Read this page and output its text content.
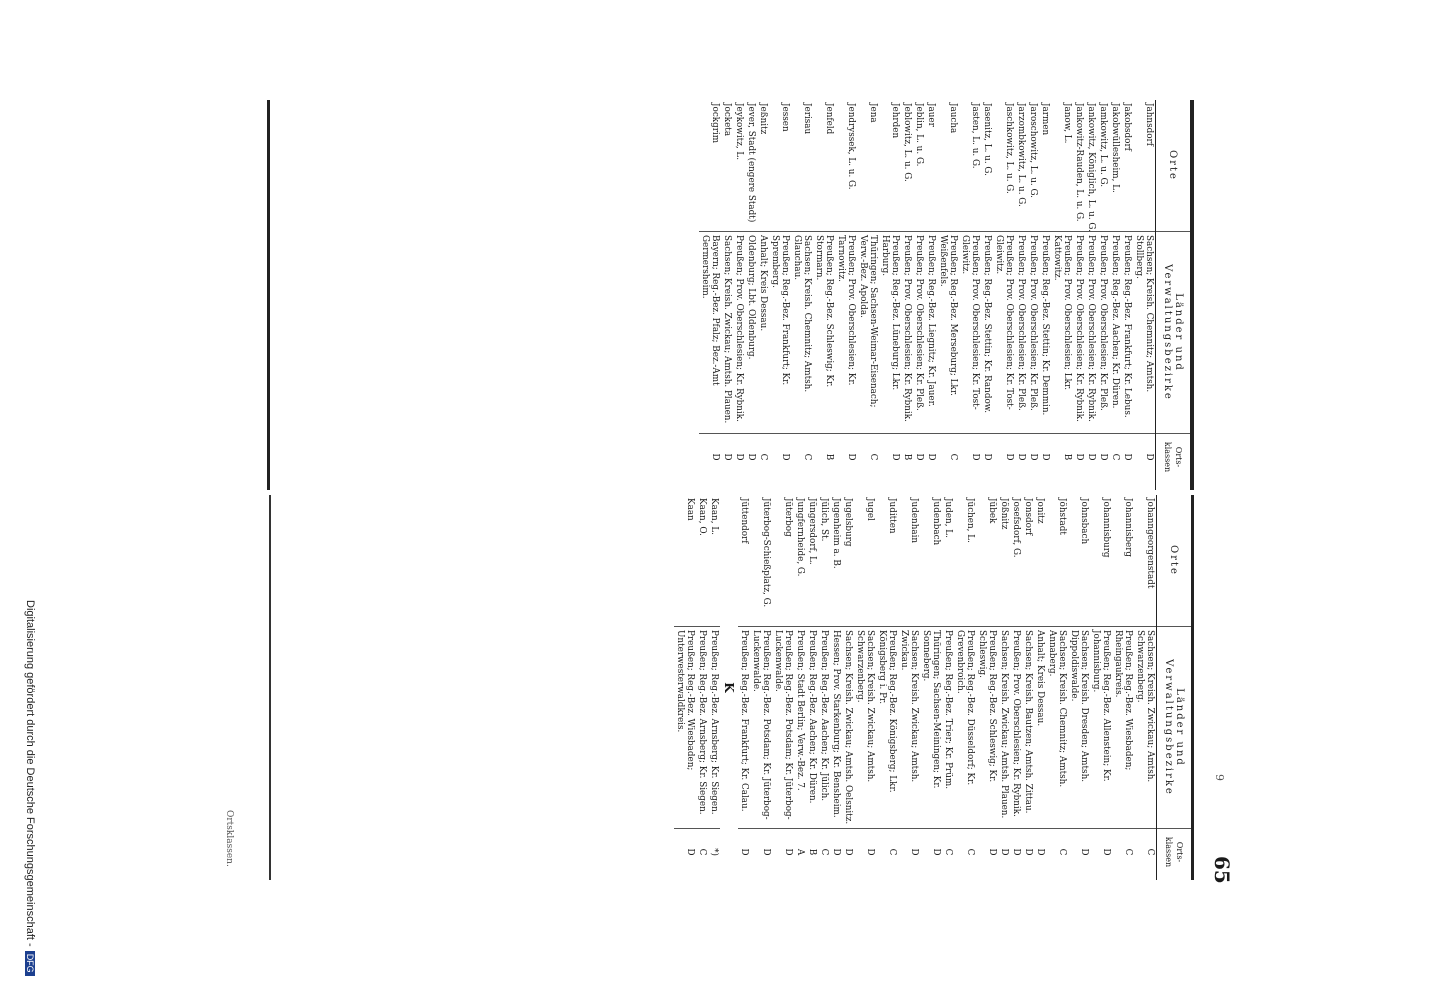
65
9
Ortsklassen.
Digitalisierung gefördert durch die Deutsche Forschungsgemeinschaft -DFG
Orte
Länder und Verwaltungsbezirke
Orts-klassen
Jahnsdorf
Sachsen; Kreish. Chemnitz; Amtsh. Stollberg.
D
Jakobsdorf
Preußen; Reg.-Bez. Frankfurt; Kr. Lebus.
D
Jakobwüllesheim, L.
Preußen; Reg.-Bez. Aachen; Kr. Düren.
C
Jamkowitz, L. u. G.
Preußen; Prov. Oberschlesien; Kr. Pleß.
D
Jankowitz, Königlich, L. u. G.
Preußen; Prov. Oberschlesien; Kr. Rybnik.
D
Jankowitz-Rauden, L. u. G.
Preußen; Prov. Oberschlesien; Kr. Rybnik.
D
Janow, L.
Preußen; Prov. Oberschlesien; Lkr. Kattowitz.
B
Jarmen
Preußen; Reg.-Bez. Stettin; Kr. Demmin.
D
Jaroschowitz, L. u. G.
Preußen; Prov. Oberschlesien; Kr. Pleß.
D
Jarzombkowitz, L. u. G.
Preußen; Prov. Oberschlesien; Kr. Pleß.
D
Jaschkowitz, L. u. G.
Preußen; Prov. Oberschlesien; Kr. Tost-Gleiwitz.
D
Jasenitz, L. u. G.
Preußen; Reg.-Bez. Stettin; Kr. Randow.
D
Jasten, L. u. G.
Preußen; Prov. Oberschlesien; Kr. Tost-Gleiwitz.
D
Jaucha
Preußen; Reg.-Bez. Merseburg; Lkr. Weißenfels.
C
Jauer
Preußen; Reg.-Bez. Liegnitz; Kr. Jauer.
D
Jeblin, L. u. G.
Preußen; Prov. Oberschlesien; Kr. Pleß.
D
Jeblowitz, L. u. G.
Preußen; Prov. Oberschlesien; Kr. Rybnik.
B
Jehrden
Preußen; Reg.-Bez. Lüneburg; Lkr. Harburg.
D
Jena
Thüringen; Sachsen-Weimar-Eisenach; Verw.-Bez. Apolda.
C
Jendryssek, L. u. G.
Preußen; Prov. Oberschlesien; Kr. Tarnowitz.
D
Jenfeld
Preußen; Reg.-Bez. Schleswig; Kr. Stormarn.
B
Jerisau
Sachsen; Kreish. Chemnitz; Amtsh. Glauchau.
C
Jessen
Preußen; Reg.-Bez. Frankfurt; Kr. Spremberg.
D
Jeßnitz
Anhalt; Kreis Dessau.
C
Jever, Stadt (engere Stadt)
Oldenburg; Lbt. Oldenburg.
D
Jeykowitz, L.
Preußen; Prov. Oberschlesien; Kr. Rybnik.
D
Jocketa
Sachsen; Kreish. Zwickau; Amtsh. Plauen.
D
Jockgrim
Bayern; Reg.-Bez. Pfalz; Bez.-Amt Germersheim.
D
Orte
Länder und Verwaltungsbezirke
Orts-klassen
Johanngeorgenstadt
Sachsen; Kreish. Zwickau; Amtsh. Schwarzenberg.
C
Johannisberg
Preußen; Reg.-Bez. Wiesbaden; Rheingaukreis.
C
Johannisburg
Preußen; Reg.-Bez. Allenstein; Kr. Johannisburg.
D
Johnsbach
Sachsen; Kreish. Dresden; Amtsh. Dippoldiswalde.
D
Jöhstadt
Sachsen; Kreish. Chemnitz; Amtsh. Annaberg.
C
Jonitz
Anhalt; Kreis Dessau.
D
Jonsdorf
Sachsen; Kreish. Bautzen; Amtsh. Zittau.
D
Josefsdorf, G.
Preußen; Prov. Oberschlesien; Kr. Rybnik.
D
Jößnitz
Sachsen; Kreish. Zwickau; Amtsh. Plauen.
D
Jübek
Preußen; Reg.-Bez. Schleswig; Kr. Schleswig.
D
Jüchen, L.
Preußen; Reg.-Bez. Düsseldorf; Kr. Grevenbroich.
C
Juden, L.
Preußen; Reg.-Bez. Trier; Kr. Prüm.
C
Judenbach
Thüringen; Sachsen-Meiningen; Kr. Sonneberg.
D
Judenhain
Sachsen; Kreish. Zwickau; Amtsh. Zwickau.
D
Juditten
Preußen; Reg.-Bez. Königsberg; Lkr. Königsberg i. Pr.
C
Jugel
Sachsen; Kreish. Zwickau; Amtsh. Schwarzenberg.
D
Jugelsburg
Sachsen; Kreish. Zwickau; Amtsh. Oelsnitz.
D
Jugenheim a. B.
Hessen; Prov. Starkenburg; Kr. Bensheim.
D
Jülich, St.
Preußen; Reg.-Bez. Aachen; Kr. Jülich.
C
Jüngersdorf, L.
Preußen; Reg.-Bez. Aachen; Kr. Düren.
B
Jungfernheide, G.
Preußen; Stadt Berlin; Verw.-Bez. 7.
A
Jüterbog
Preußen; Reg.-Bez. Potsdam; Kr. Jüterbog-Luckenwalde.
D
Jüterbog-Schießplatz, G.
Preußen; Reg.-Bez. Potsdam; Kr. Jüterbog-Luckenwalde.
D
Jüttendorf
Preußen; Reg.-Bez. Frankfurt; Kr. Calau.
D
K
Kaan, L.
Preußen; Reg.-Bez. Arnsberg; Kr. Siegen.
*)
Kaan, O.
Preußen; Reg.-Bez. Arnsberg; Kr. Siegen.
C
Kaan
Preußen; Reg.-Bez. Wiesbaden; Unterwesterwaldkreis.
D
